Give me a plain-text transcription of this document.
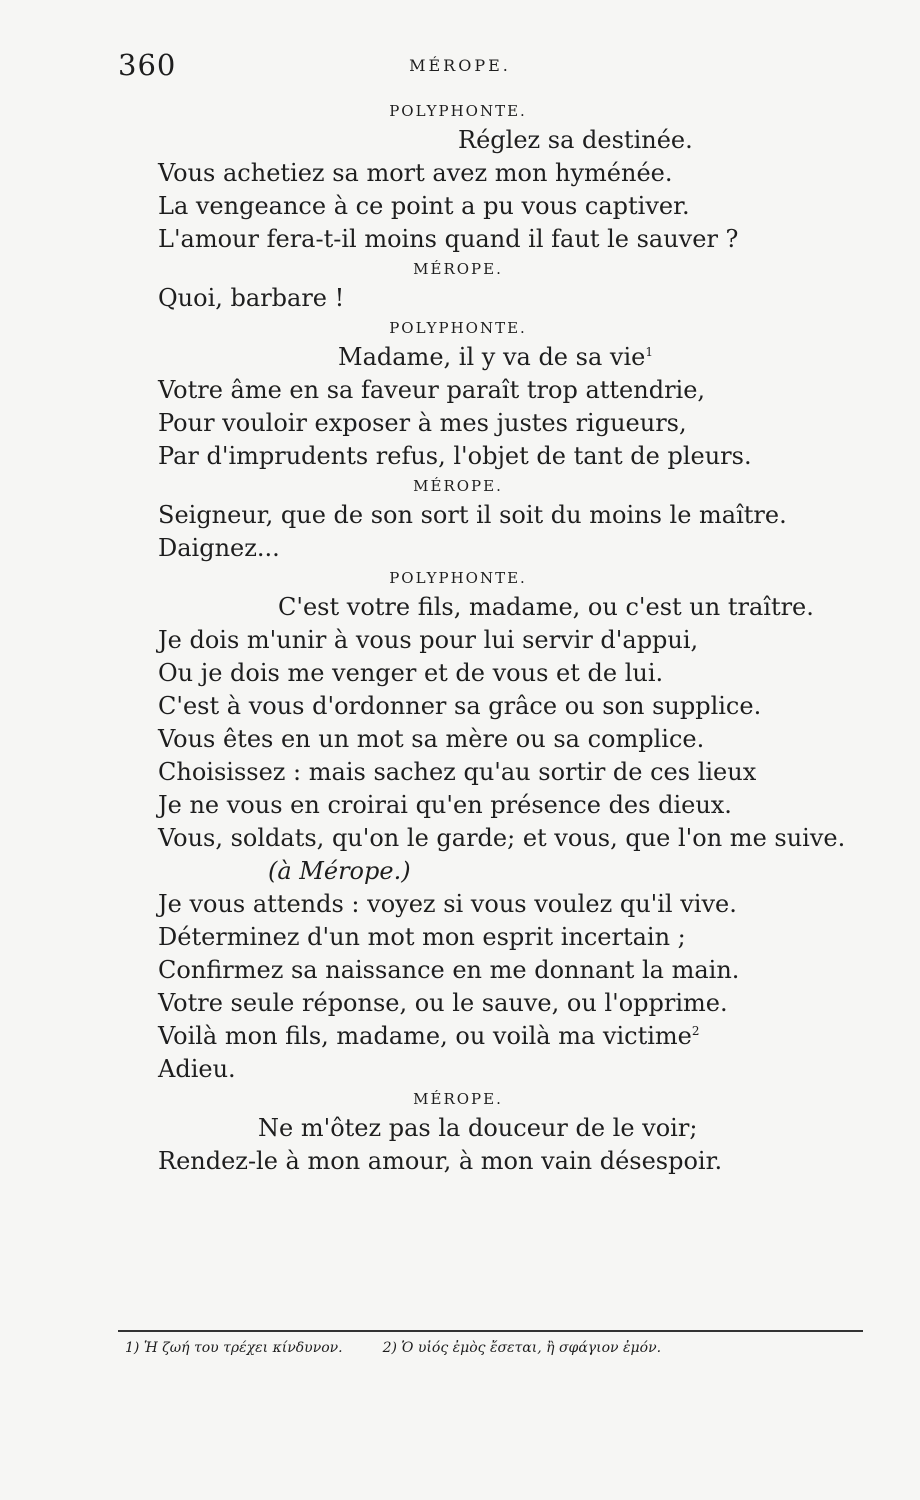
360	MÉROPE.
POLYPHONTE.
Réglez sa destinée.
Vous achetiez sa mort avez mon hyménée.
La vengeance à ce point a pu vous captiver.
L'amour fera-t-il moins quand il faut le sauver ?
MÉROPE.
Quoi, barbare !
POLYPHONTE.
Madame, il y va de sa vie$^1$
Votre âme en sa faveur paraît trop attendrie,
Pour vouloir exposer à mes justes rigueurs,
Par d'imprudents refus, l'objet de tant de pleurs.
MÉROPE.
Seigneur, que de son sort il soit du moins le maître.
Daignez...
POLYPHONTE.
C'est votre fils, madame, ou c'est un traître.
Je dois m'unir à vous pour lui servir d'appui,
Ou je dois me venger et de vous et de lui.
C'est à vous d'ordonner sa grâce ou son supplice.
Vous êtes en un mot sa mère ou sa complice.
Choisissez : mais sachez qu'au sortir de ces lieux
Je ne vous en croirai qu'en présence des dieux.
Vous, soldats, qu'on le garde; et vous, que l'on me suive.
(à Mérope.)
Je vous attends : voyez si vous voulez qu'il vive.
Déterminez d'un mot mon esprit incertain ;
Confirmez sa naissance en me donnant la main.
Votre seule réponse, ou le sauve, ou l'opprime.
Voilà mon fils, madame, ou voilà ma victime$^2$
Adieu.
MÉROPE.
Ne m'ôtez pas la douceur de le voir;
Rendez-le à mon amour, à mon vain désespoir.
1) Ἡ ζωή του τρέχει κίνδυνον.	2) Ὁ υἱός ἐμὸς ἔσεται, ἢ σφάγιον ἐμόν.
